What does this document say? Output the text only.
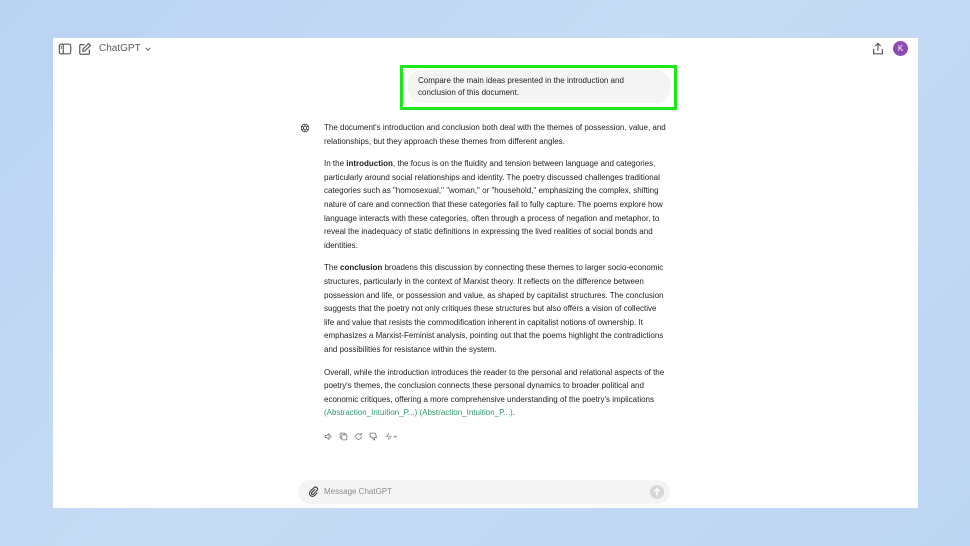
ChatGPT	K
Compare the main ideas presented in the introduction and conclusion of this document.

The document's introduction and conclusion both deal with the themes of possession, value, and relationships, but they approach these themes from different angles.

In the introduction, the focus is on the fluidity and tension between language and categories, particularly around social relationships and identity. The poetry discussed challenges traditional categories such as "homosexual," "woman," or "household," emphasizing the complex, shifting nature of care and connection that these categories fail to fully capture. The poems explore how language interacts with these categories, often through a process of negation and metaphor, to reveal the inadequacy of static definitions in expressing the lived realities of social bonds and identities.

The conclusion broadens this discussion by connecting these themes to larger socio-economic structures, particularly in the context of Marxist theory. It reflects on the difference between possession and life, or possession and value, as shaped by capitalist structures. The conclusion suggests that the poetry not only critiques these structures but also offers a vision of collective life and value that resists the commodification inherent in capitalist notions of ownership. It emphasizes a Marxist-Feminist analysis, pointing out that the poems highlight the contradictions and possibilities for resistance within the system.

Overall, while the introduction introduces the reader to the personal and relational aspects of the poetry's themes, the conclusion connects these personal dynamics to broader political and economic critiques, offering a more comprehensive understanding of the poetry's implications (Abstraction_Intuition_P...) (Abstraction_Intuition_P...).

Message ChatGPT
